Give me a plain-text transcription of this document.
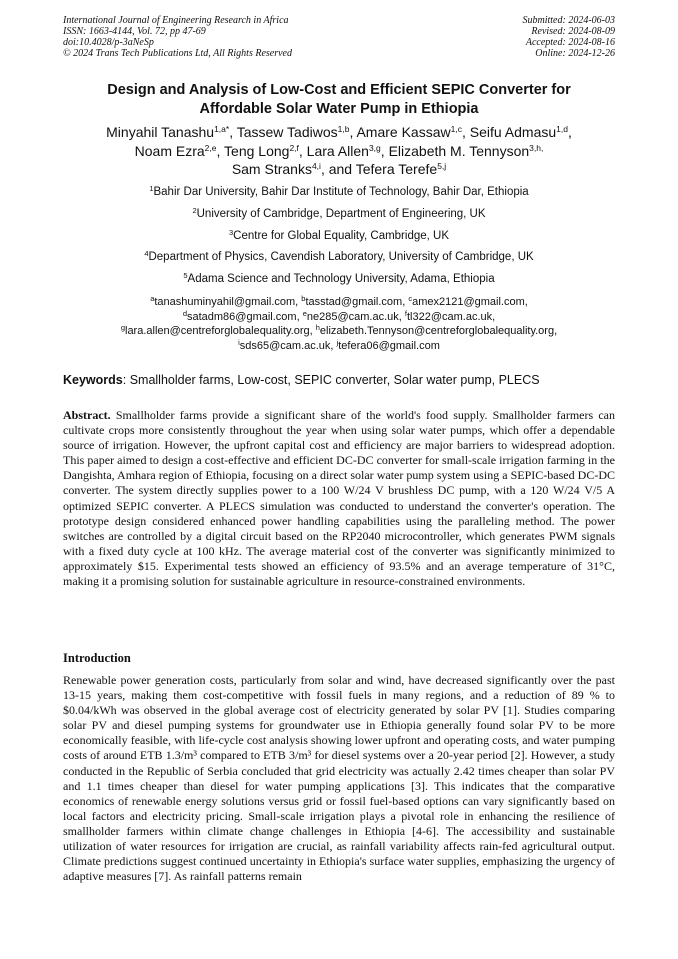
International Journal of Engineering Research in Africa
ISSN: 1663-4144, Vol. 72, pp 47-69
doi:10.4028/p-3aNeSp
© 2024 Trans Tech Publications Ltd, All Rights Reserved
Submitted: 2024-06-03
Revised: 2024-08-09
Accepted: 2024-08-16
Online: 2024-12-26
Design and Analysis of Low-Cost and Efficient SEPIC Converter for
Affordable Solar Water Pump in Ethiopia
Minyahil Tanashu$^{1,a*}$, Tassew Tadiwos$^{1,b}$, Amare Kassaw$^{1,c}$, Seifu Admasu$^{1,d}$,
Noam Ezra$^{2,e}$, Teng Long$^{2,f}$, Lara Allen$^{3,g}$, Elizabeth M. Tennyson$^{3,h,}$
Sam Stranks$^{4,i}$, and Tefera Terefe$^{5,j}$
$^1$Bahir Dar University, Bahir Dar Institute of Technology, Bahir Dar, Ethiopia
$^2$University of Cambridge, Department of Engineering, UK
$^3$Centre for Global Equality, Cambridge, UK
$^4$Department of Physics, Cavendish Laboratory, University of Cambridge, UK
$^5$Adama Science and Technology University, Adama, Ethiopia
$^a$tanashuminyahil@gmail.com, $^b$tasstad@gmail.com, $^c$amex2121@gmail.com,
$^d$satadm86@gmail.com, $^e$ne285@cam.ac.uk, $^f$tl322@cam.ac.uk,
$^g$lara.allen@centreforglobalequality.org, $^h$elizabeth.Tennyson@centreforglobalequality.org,
$^i$sds65@cam.ac.uk, $^j$tefera06@gmail.com
Keywords: Smallholder farms, Low-cost, SEPIC converter, Solar water pump, PLECS
Abstract. Smallholder farms provide a significant share of the world's food supply. Smallholder farmers can cultivate crops more consistently throughout the year when using solar water pumps, which offer a dependable source of irrigation. However, the upfront capital cost and efficiency are major barriers to widespread adoption. This paper aimed to design a cost-effective and efficient DC-DC converter for small-scale irrigation farming in the Dangishta, Amhara region of Ethiopia, focusing on a direct solar water pump system using a SEPIC-based DC-DC converter. The system directly supplies power to a 100 W/24 V brushless DC pump, with a 120 W/24 V/5 A optimized SEPIC converter. A PLECS simulation was conducted to understand the converter's operation. The prototype design considered enhanced power handling capabilities using the paralleling method. The power switches are controlled by a digital circuit based on the RP2040 microcontroller, which generates PWM signals with a fixed duty cycle at 100 kHz. The average material cost of the converter was significantly minimized to approximately $15. Experimental tests showed an efficiency of 93.5% and an average temperature of 31°C, making it a promising solution for sustainable agriculture in resource-constrained environments.
Introduction
Renewable power generation costs, particularly from solar and wind, have decreased significantly over the past 13-15 years, making them cost-competitive with fossil fuels in many regions, and a reduction of 89 % to $0.04/kWh was observed in the global average cost of electricity generated by solar PV [1]. Studies comparing solar PV and diesel pumping systems for groundwater use in Ethiopia generally found solar PV to be more economically feasible, with life-cycle cost analysis showing lower upfront and operating costs, and water pumping costs of around ETB 1.3/m³ compared to ETB 3/m³ for diesel systems over a 20-year period [2]. However, a study conducted in the Republic of Serbia concluded that grid electricity was actually 2.42 times cheaper than solar PV and 1.1 times cheaper than diesel for water pumping applications [3]. This indicates that the comparative economics of renewable energy solutions versus grid or fossil fuel-based options can vary significantly based on local factors and electricity pricing. Small-scale irrigation plays a pivotal role in enhancing the resilience of smallholder farmers within climate change challenges in Ethiopia [4-6]. The accessibility and sustainable utilization of water resources for irrigation are crucial, as rainfall variability affects rain-fed agricultural output. Climate predictions suggest continued uncertainty in Ethiopia's surface water supplies, emphasizing the urgency of adaptive measures [7]. As rainfall patterns remain
